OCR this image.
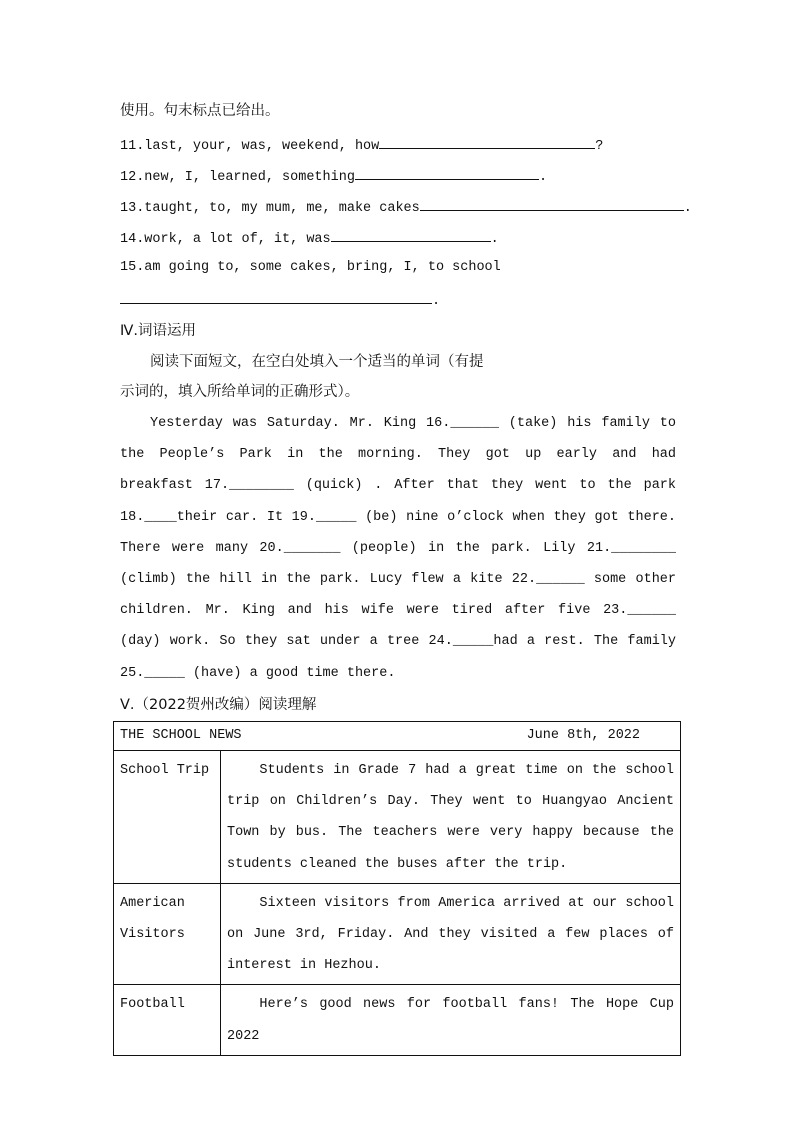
使用。句末标点已给出。
11.last, your, was, weekend, how	?
12.new, I, learned, something	.
13.taught, to, my mum, me, make cakes	.
14.work, a lot of, it, was	.
15.am going to, some cakes, bring, I, to school
.
Ⅳ.词语运用
阅读下面短文，在空白处填入一个适当的单词（有提
示词的，填入所给单词的正确形式）。
Yesterday was Saturday. Mr. King 16.______ (take) his family to the People’s Park in the morning. They got up early and had breakfast 17.________ (quick) . After that they went to the park 18.____their car. It 19._____ (be) nine o’clock when they got there. There were many 20._______ (people) in the park. Lily 21.________ (climb) the hill in the park. Lucy flew a kite 22.______ some other children. Mr. King and his wife were tired after five 23.______ (day) work. So they sat under a tree 24._____had a rest. The family 25._____ (have) a good time there.
Ⅴ.（2022贺州改编）阅读理解
THE SCHOOL NEWS June 8th, 2022	

School Trip	Students in Grade 7 had a great time on the school trip on Children’s Day. They went to Huangyao Ancient Town by bus. The teachers were very happy because the students cleaned the buses after the trip.
American Visitors	Sixteen visitors from America arrived at our school on June 3rd, Friday. And they visited a few places of interest in Hezhou.
Football	Here’s good news for football fans! The Hope Cup 2022
